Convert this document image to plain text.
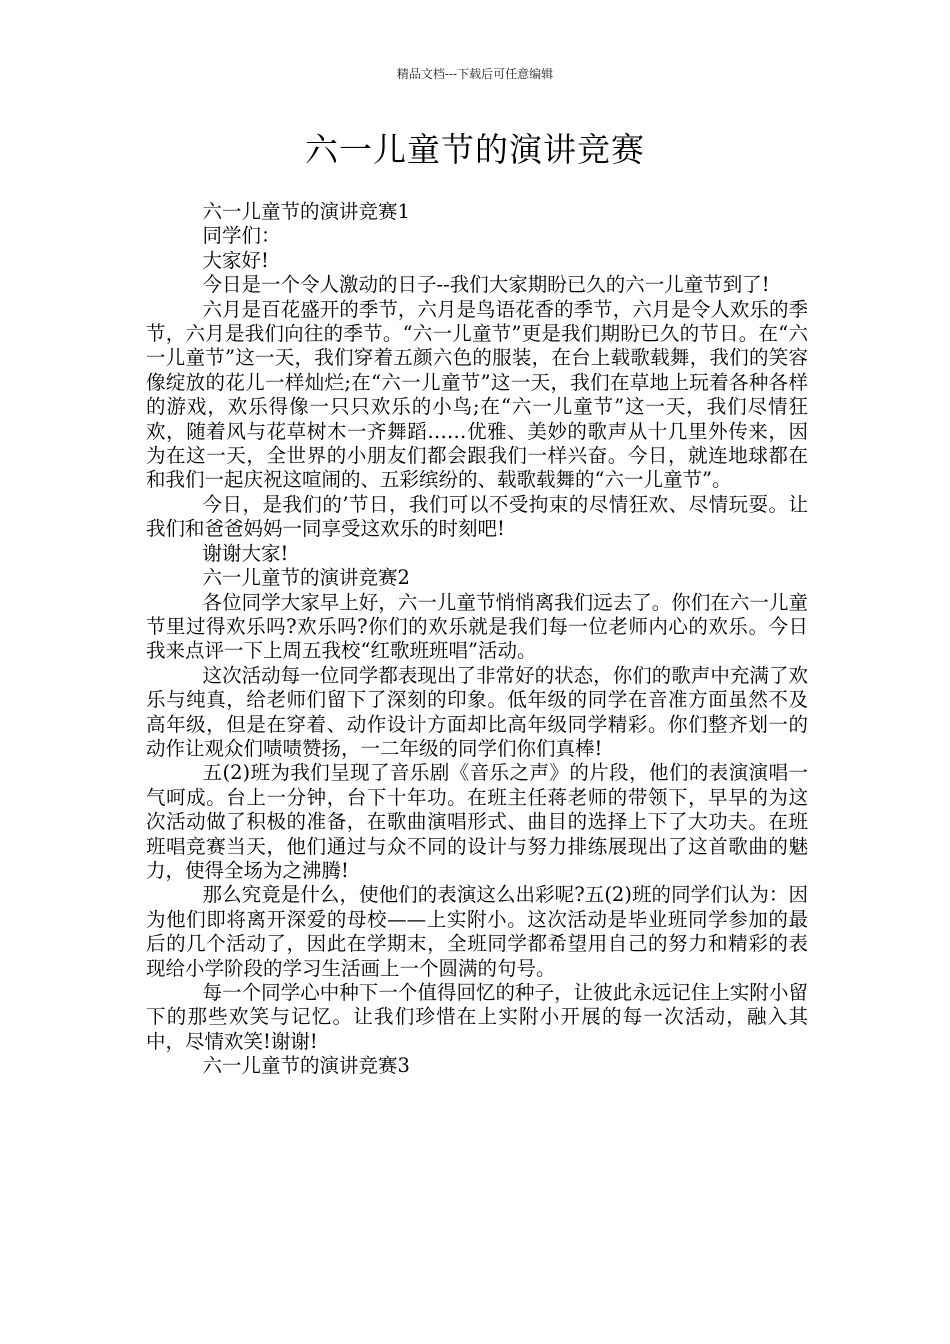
精品文档---下载后可任意编辑
六一儿童节的演讲竞赛

六一儿童节的演讲竞赛1

同学们：

大家好!

今日是一个令人激动的日子--我们大家期盼已久的六一儿童节到了!

六月是百花盛开的季节，六月是鸟语花香的季节，六月是令人欢乐的季节，六月是我们向往的季节。“六一儿童节”更是我们期盼已久的节日。在“六一儿童节”这一天，我们穿着五颜六色的服装，在台上载歌载舞，我们的笑容像绽放的花儿一样灿烂;在“六一儿童节”这一天，我们在草地上玩着各种各样的游戏，欢乐得像一只只欢乐的小鸟;在“六一儿童节”这一天，我们尽情狂欢，随着风与花草树木一齐舞蹈……优雅、美妙的歌声从十几里外传来，因为在这一天，全世界的小朋友们都会跟我们一样兴奋。今日，就连地球都在和我们一起庆祝这喧闹的、五彩缤纷的、载歌载舞的“六一儿童节”。

今日，是我们的’节日，我们可以不受拘束的尽情狂欢、尽情玩耍。让我们和爸爸妈妈一同享受这欢乐的时刻吧!

谢谢大家!

六一儿童节的演讲竞赛2

各位同学大家早上好，六一儿童节悄悄离我们远去了。你们在六一儿童节里过得欢乐吗?欢乐吗?你们的欢乐就是我们每一位老师内心的欢乐。今日我来点评一下上周五我校“红歌班班唱”活动。

这次活动每一位同学都表现出了非常好的状态，你们的歌声中充满了欢乐与纯真，给老师们留下了深刻的印象。低年级的同学在音准方面虽然不及高年级，但是在穿着、动作设计方面却比高年级同学精彩。你们整齐划一的动作让观众们啧啧赞扬，一二年级的同学们你们真棒!

五(2)班为我们呈现了音乐剧《音乐之声》的片段，他们的表演演唱一气呵成。台上一分钟，台下十年功。在班主任蒋老师的带领下，早早的为这次活动做了积极的准备，在歌曲演唱形式、曲目的选择上下了大功夫。在班班唱竞赛当天，他们通过与众不同的设计与努力排练展现出了这首歌曲的魅力，使得全场为之沸腾!

那么究竟是什么，使他们的表演这么出彩呢?五(2)班的同学们认为：因为他们即将离开深爱的母校——上实附小。这次活动是毕业班同学参加的最后的几个活动了，因此在学期末，全班同学都希望用自己的努力和精彩的表现给小学阶段的学习生活画上一个圆满的句号。

每一个同学心中种下一个值得回忆的种子，让彼此永远记住上实附小留下的那些欢笑与记忆。让我们珍惜在上实附小开展的每一次活动，融入其中，尽情欢笑!谢谢!

六一儿童节的演讲竞赛3
